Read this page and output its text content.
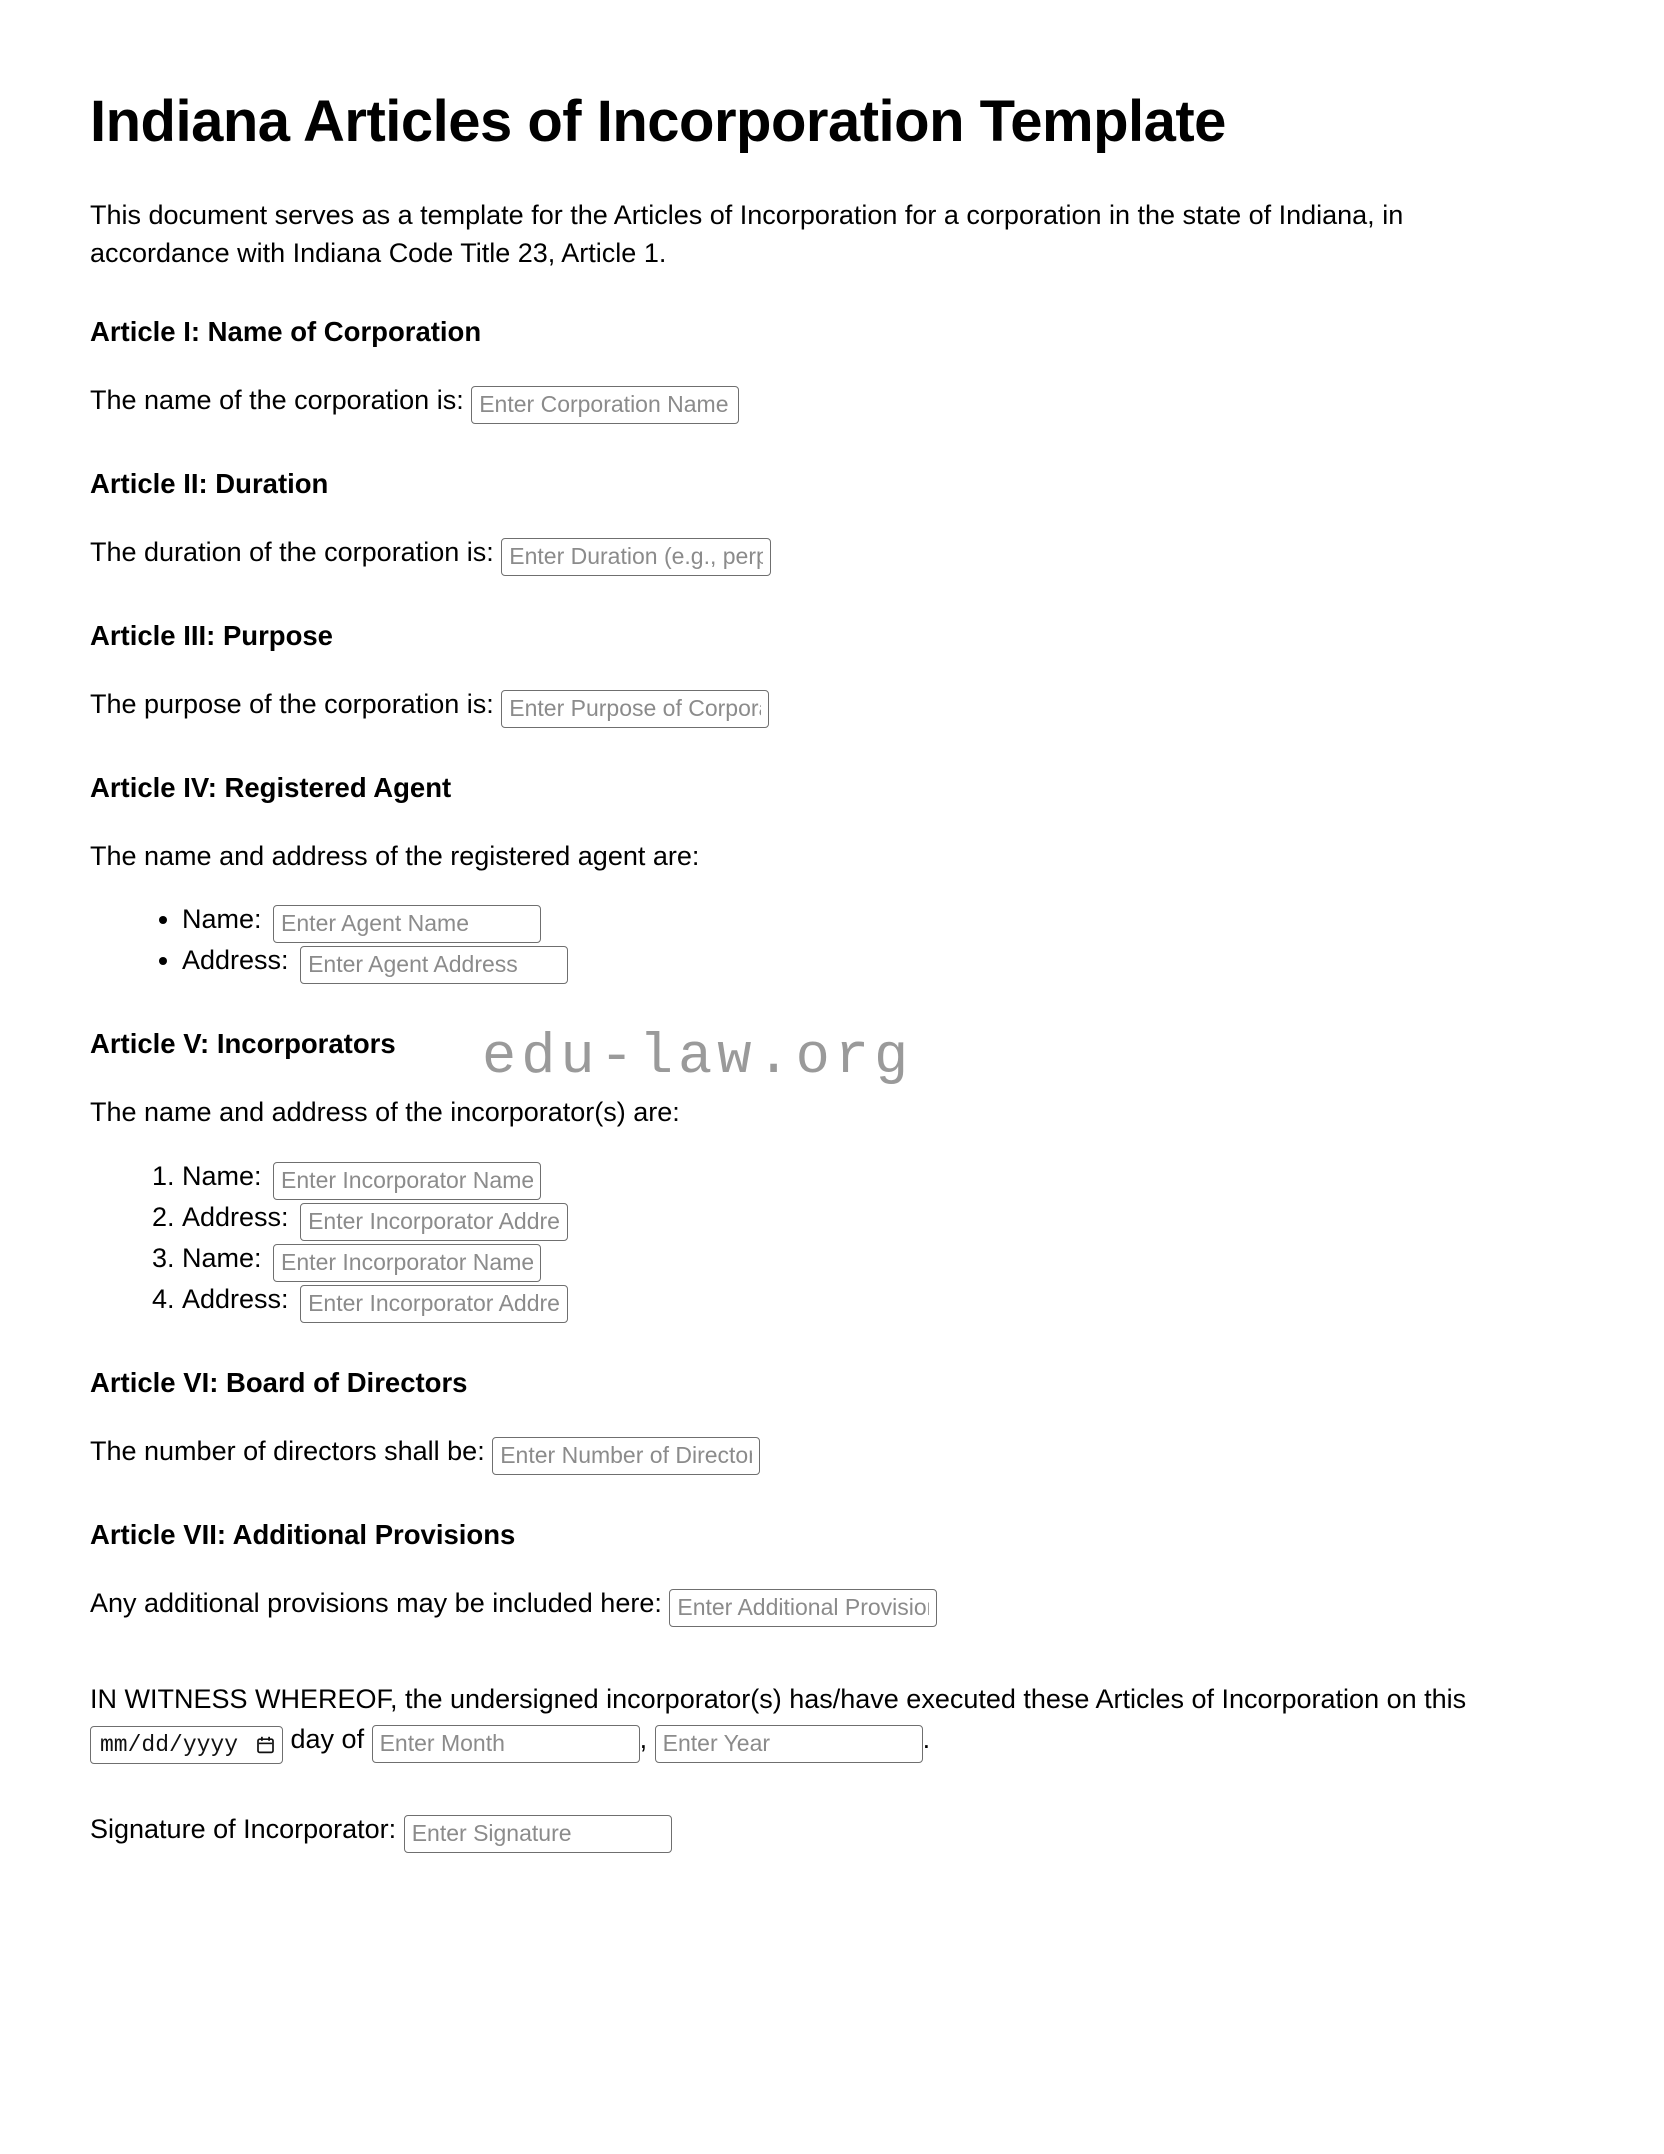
Indiana Articles of Incorporation Template

This document serves as a template for the Articles of Incorporation for a corporation in the state of Indiana, in accordance with Indiana Code Title 23, Article 1.

Article I: Name of Corporation

The name of the corporation is: Enter Corporation Name

Article II: Duration

The duration of the corporation is: Enter Duration (e.g., perpetual)

Article III: Purpose

The purpose of the corporation is: Enter Purpose of Corporation

Article IV: Registered Agent

The name and address of the registered agent are:

• Name: Enter Agent Name
• Address: Enter Agent Address
Article V: Incorporators

The name and address of the incorporator(s) are:

1. Name: Enter Incorporator Name
2. Address: Enter Incorporator Address
3. Name: Enter Incorporator Name
4. Address: Enter Incorporator Address
Article VI: Board of Directors

The number of directors shall be: Enter Number of Directors

Article VII: Additional Provisions

Any additional provisions may be included here: Enter Additional Provisions

IN WITNESS WHEREOF, the undersigned incorporator(s) has/have executed these Articles of Incorporation on this
mm/dd/yyyy day of Enter Month	, Enter Year	.

Signature of Incorporator: Enter Signature

edu-law.org
